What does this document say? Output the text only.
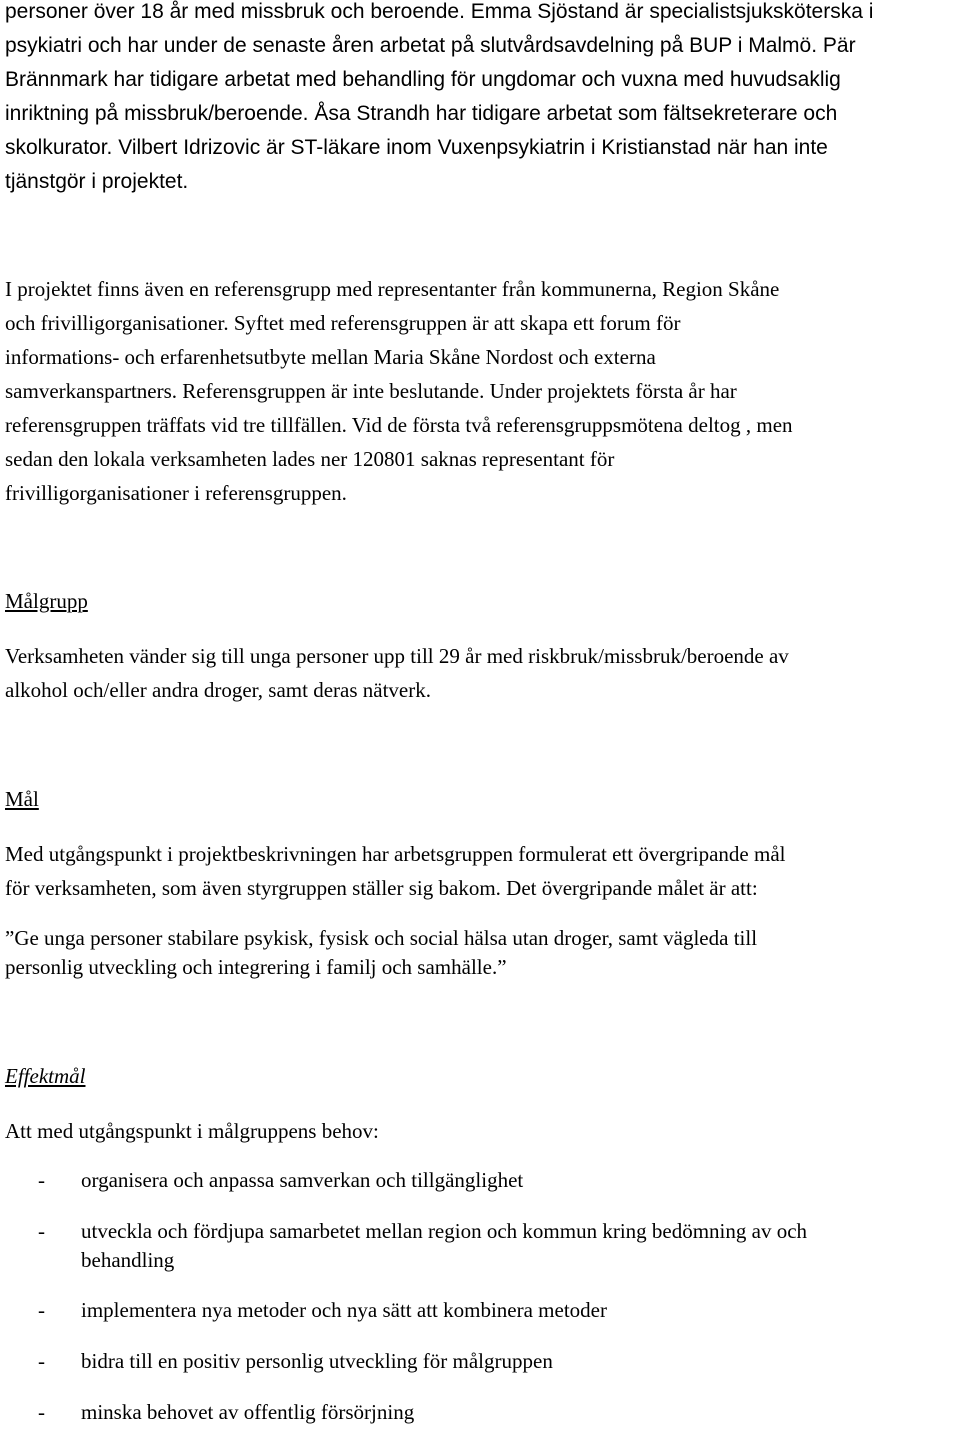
personer över 18 år med missbruk och beroende. Emma Sjöstand är specialistsjuksköterska i
psykiatri och har under de senaste åren arbetat på slutvårdsavdelning på BUP i Malmö. Pär
Brännmark har tidigare arbetat med behandling för ungdomar och vuxna med huvudsaklig
inriktning på missbruk/beroende. Åsa Strandh har tidigare arbetat som fältsekreterare och
skolkurator. Vilbert Idrizovic är ST-läkare inom Vuxenpsykiatrin i Kristianstad när han inte
tjänstgör i projektet.
I projektet finns även en referensgrupp med representanter från kommunerna, Region Skåne
och frivilligorganisationer. Syftet med referensgruppen är att skapa ett forum för
informations- och erfarenhetsutbyte mellan Maria Skåne Nordost och externa
samverkanspartners. Referensgruppen är inte beslutande. Under projektets första år har
referensgruppen träffats vid tre tillfällen. Vid de första två referensgruppsmötena deltog , men
sedan den lokala verksamheten lades ner 120801 saknas representant för
frivilligorganisationer i referensgruppen.
Målgrupp
Verksamheten vänder sig till unga personer upp till 29 år med riskbruk/missbruk/beroende av
alkohol och/eller andra droger, samt deras nätverk.
Mål
Med utgångspunkt i projektbeskrivningen har arbetsgruppen formulerat ett övergripande mål
för verksamheten, som även styrgruppen ställer sig bakom. Det övergripande målet är att:
”Ge unga personer stabilare psykisk, fysisk och social hälsa utan droger, samt vägleda till
personlig utveckling och integrering i familj och samhälle.”
Effektmål
Att med utgångspunkt i målgruppens behov:
- organisera och anpassa samverkan och tillgänglighet
- utveckla och fördjupa samarbetet mellan region och kommun kring bedömning av och
behandling
- implementera nya metoder och nya sätt att kombinera metoder
- bidra till en positiv personlig utveckling för målgruppen
- minska behovet av offentlig försörjning
